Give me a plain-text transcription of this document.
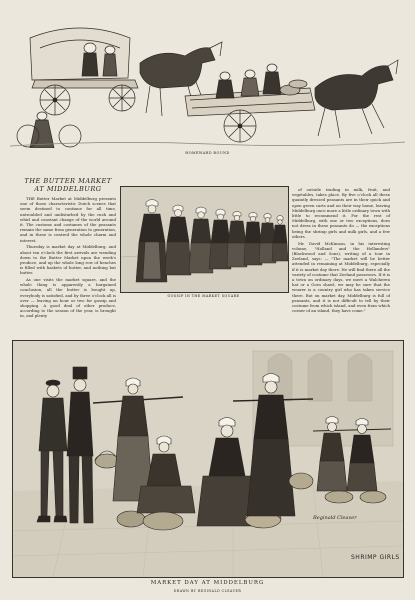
HOMEWARD BOUND
THE BUTTER MARKET AT MIDDELBURG

THE Butter Market at Middelburg presents one of those characteristic Dutch scenes that seem destined to continue for all time, untroubled and undisturbed by the rush and whirl and constant change of the world around it. The customs and costumes of the peasants remain the same from generation to generation, and in these is centred the whole charm and interest.

Thursday is market day at Middelburg, and about ten o'clock the first arrivals are wending down to the Butter Market upon the week's produce, and up the whole long row of benches is filled with baskets of butter, and nothing but butter.

As one visits the market square, and the whole thing is apparently a bargained conclusion, all the butter is bought up, everybody is satisfied, and by three o'clock all is over — leaving an hour or two for gossip and shopping. A good deal of other produce, according to the season of the year, is brought in, and plenty

of outside trading in milk, fruit, and vegetables, takes place. By five o'clock all these quaintly dressed peasants are in their quick and open green carts and on their way home, leaving Middelburg once more a little ordinary town with little to recommend it. For the rest of Middelburg, with one or two exceptions, does not dress in these peasants do — the exceptions being the shrimp girls and milk girls, and a few others.

Mr. David McKinnon, in his interesting volume, "Holland and the Hollanders" (Blackwood and Sons), writing of a tour in Zeeland, says: — "The market will be better attended in remaining at Middelburg, especially if it is market day there. He will find there all the variety of costume that Zeeland possesses. If it is a town on ordinary days, we meet a Walcheren hat or a Goes shawl, we may be sure that the wearer is a country girl who has taken service there. But on market day, Middelburg is full of peasants, and it is not difficult to tell by their costume from which island, and even from which corner of an island, they have come."

GOSSIP IN THE MARKET SQUARE
SHRIMP GIRLS
Reginald Cleaver
MARKET DAY AT MIDDELBURG
DRAWN BY REGINALD CLEAVER
